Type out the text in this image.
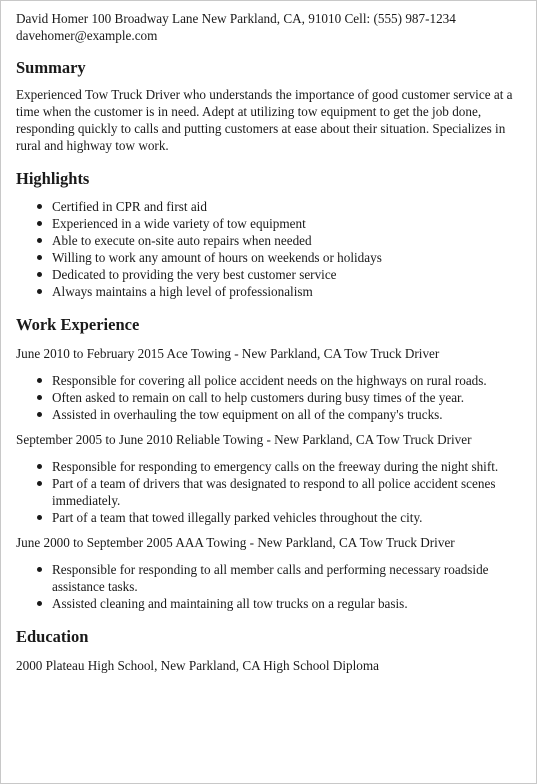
David Homer 100 Broadway Lane New Parkland, CA, 91010 Cell: (555) 987-1234
davehomer@example.com
Summary

Experienced Tow Truck Driver who understands the importance of good customer service at a time when the customer is in need. Adept at utilizing tow equipment to get the job done, responding quickly to calls and putting customers at ease about their situation. Specializes in rural and highway tow work.

Highlights
Certified in CPR and first aid
Experienced in a wide variety of tow equipment
Able to execute on-site auto repairs when needed
Willing to work any amount of hours on weekends or holidays
Dedicated to providing the very best customer service
Always maintains a high level of professionalism
Work Experience
June 2010 to February 2015 Ace Towing - New Parkland, CA Tow Truck Driver
Responsible for covering all police accident needs on the highways on rural roads.
Often asked to remain on call to help customers during busy times of the year.
Assisted in overhauling the tow equipment on all of the company's trucks.
September 2005 to June 2010 Reliable Towing - New Parkland, CA Tow Truck Driver
Responsible for responding to emergency calls on the freeway during the night shift.
Part of a team of drivers that was designated to respond to all police accident scenes immediately.
Part of a team that towed illegally parked vehicles throughout the city.
June 2000 to September 2005 AAA Towing - New Parkland, CA Tow Truck Driver
Responsible for responding to all member calls and performing necessary roadside assistance tasks.
Assisted cleaning and maintaining all tow trucks on a regular basis.
Education

2000 Plateau High School, New Parkland, CA High School Diploma
